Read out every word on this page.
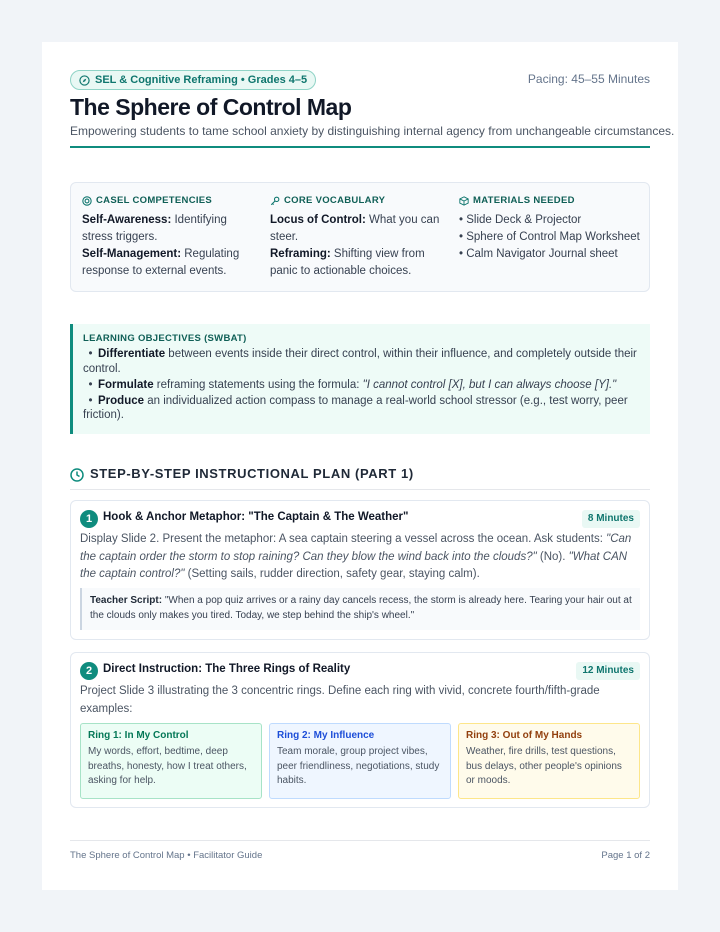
SEL & Cognitive Reframing • Grades 4–5	Pacing: 45–55 Minutes
The Sphere of Control Map
Empowering students to tame school anxiety by distinguishing internal agency from unchangeable circumstances.
CASEL COMPETENCIES

Self-Awareness: Identifying stress triggers.

Self-Management: Regulating response to external events.

CORE VOCABULARY

Locus of Control: What you can steer.

Reframing: Shifting view from panic to actionable choices.

MATERIALS NEEDED

• Slide Deck & Projector

• Sphere of Control Map Worksheet

• Calm Navigator Journal sheet

LEARNING OBJECTIVES (SWBAT)
• Differentiate between events inside their direct control, within their influence, and completely outside their control.
• Formulate reframing statements using the formula: "I cannot control [X], but I can always choose [Y]."
• Produce an individualized action compass to manage a real-world school stressor (e.g., test worry, peer friction).
STEP-BY-STEP INSTRUCTIONAL PLAN (PART 1)
1 Hook & Anchor Metaphor: "The Captain & The Weather"	8 Minutes
Display Slide 2. Present the metaphor: A sea captain steering a vessel across the ocean. Ask students: "Can the captain order the storm to stop raining? Can they blow the wind back into the clouds?" (No). "What CAN the captain control?" (Setting sails, rudder direction, safety gear, staying calm).
Teacher Script: "When a pop quiz arrives or a rainy day cancels recess, the storm is already here. Tearing your hair out at the clouds only makes you tired. Today, we step behind the ship's wheel."
2 Direct Instruction: The Three Rings of Reality	12 Minutes
Project Slide 3 illustrating the 3 concentric rings. Define each ring with vivid, concrete fourth/fifth-grade examples:
Ring 1: In My Control

My words, effort, bedtime, deep breaths, honesty, how I treat others, asking for help.

Ring 2: My Influence

Team morale, group project vibes, peer friendliness, negotiations, study habits.

Ring 3: Out of My Hands

Weather, fire drills, test questions, bus delays, other people's opinions or moods.

The Sphere of Control Map • Facilitator Guide	Page 1 of 2
